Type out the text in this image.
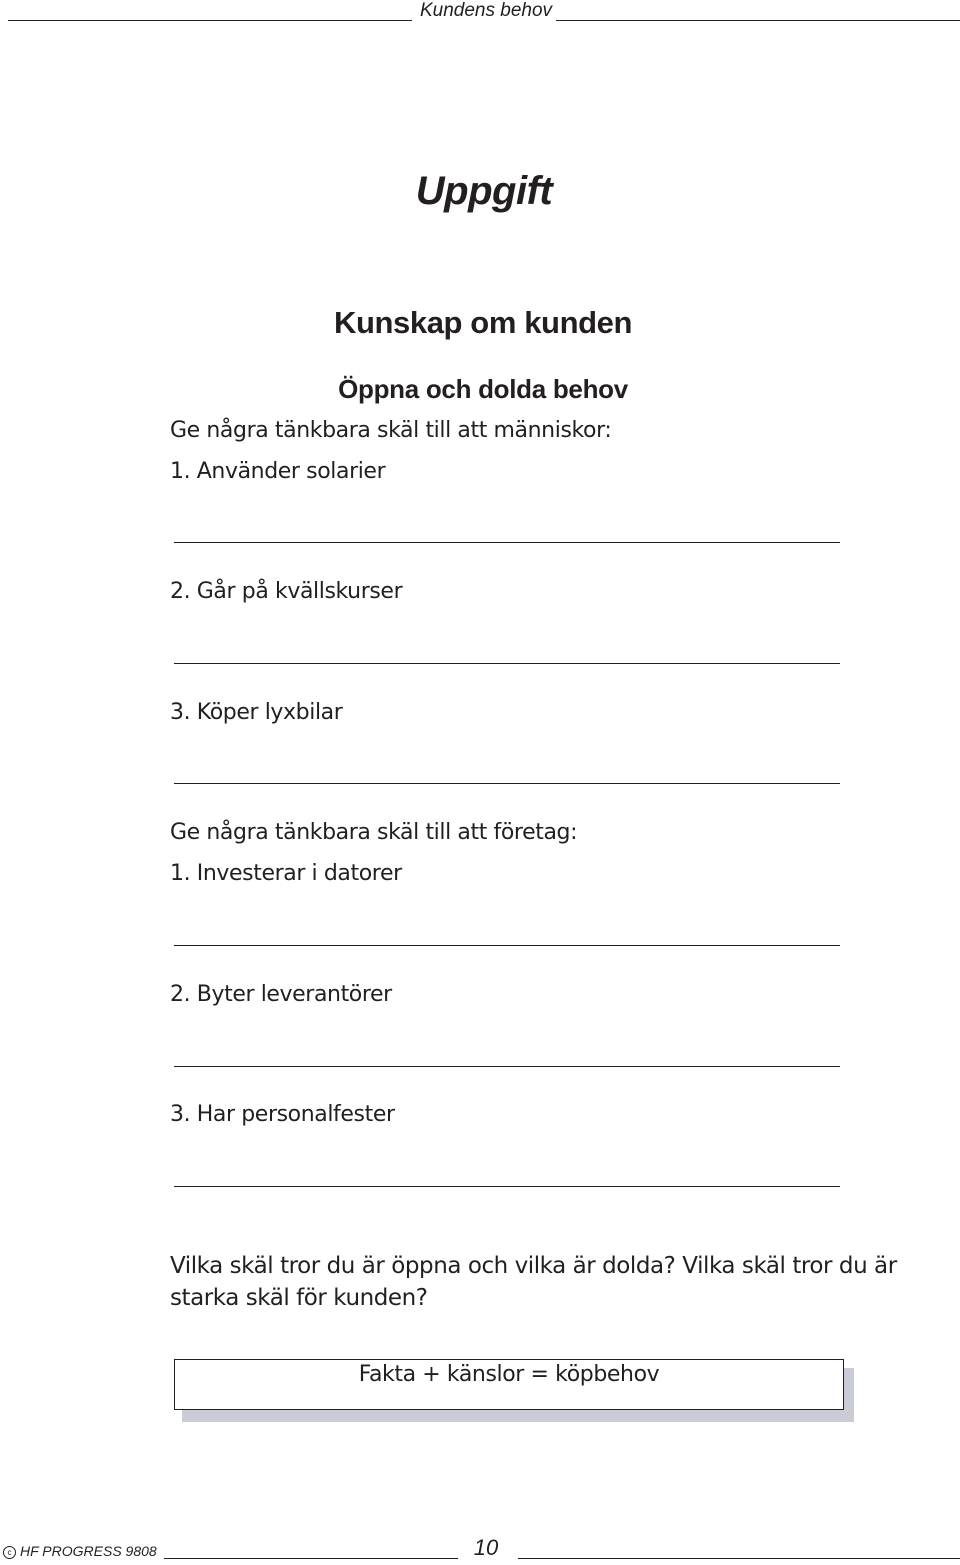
Kundens behov
Uppgift
Kunskap om kunden
Öppna och dolda behov
Ge några tänkbara skäl till att människor:
1. Använder solarier
2. Går på kvällskurser
3. Köper lyxbilar
Ge några tänkbara skäl till att företag:
1. Investerar i datorer
2. Byter leverantörer
3. Har personalfester
Vilka skäl tror du är öppna och vilka är dolda? Vilka skäl tror du är starka skäl för kunden?
Fakta + känslor = köpbehov
c HF PROGRESS 9808	10
